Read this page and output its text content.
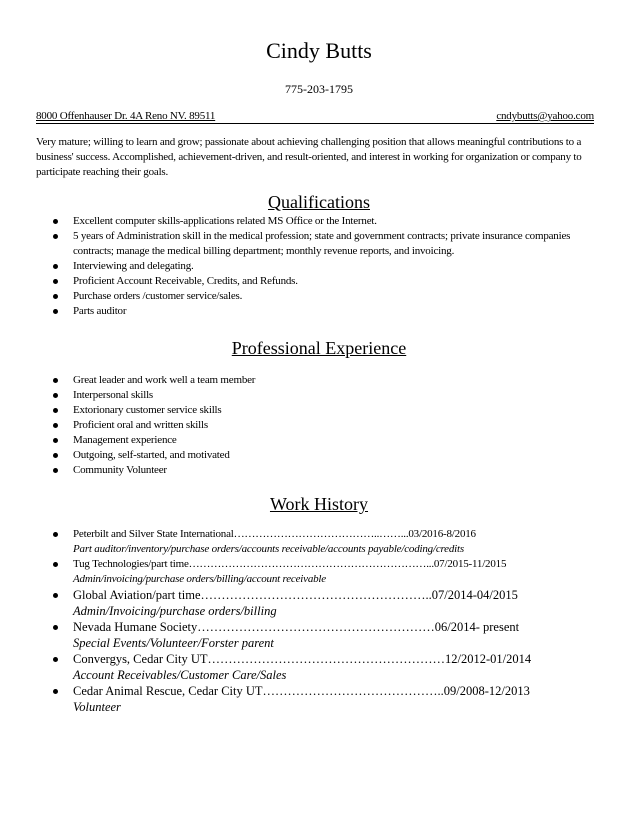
Cindy Butts
775-203-1795
8000 Offenhauser Dr. 4A Reno NV. 89511	cndybutts@yahoo.com
Very mature; willing to learn and grow; passionate about achieving challenging position that allows meaningful contributions to a business' success. Accomplished, achievement-driven, and result-oriented, and interest in working for organization or company to participate reaching their goals.
Qualifications
Excellent computer skills-applications related MS Office or the Internet.
5 years of Administration skill in the medical profession; state and government contracts; private insurance companies contracts; manage the medical billing department; monthly revenue reports, and invoicing.
Interviewing and delegating.
Proficient Account Receivable, Credits, and Refunds.
Purchase orders /customer service/sales.
Parts auditor
Professional Experience
Great leader and work well a team member
Interpersonal skills
Extorionary customer service skills
Proficient oral and written skills
Management experience
Outgoing, self-started, and motivated
Community Volunteer
Work History
Peterbilt and Silver State International…………………………………..……...03/2016-8/2016
Part auditor/inventory/purchase orders/accounts receivable/accounts payable/coding/credits
Tug Technologies/part time…………………………………………………………...07/2015-11/2015
Admin/invoicing/purchase orders/billing/account receivable
Global Aviation/part time………………………………………………..07/2014-04/2015
Admin/Invoicing/purchase orders/billing
Nevada Humane Society…………………………………………………06/2014- present
Special Events/Volunteer/Forster parent
Convergys, Cedar City UT…………………………………………………12/2012-01/2014
Account Receivables/Customer Care/Sales
Cedar Animal Rescue, Cedar City UT……………………………………..09/2008-12/2013
Volunteer
